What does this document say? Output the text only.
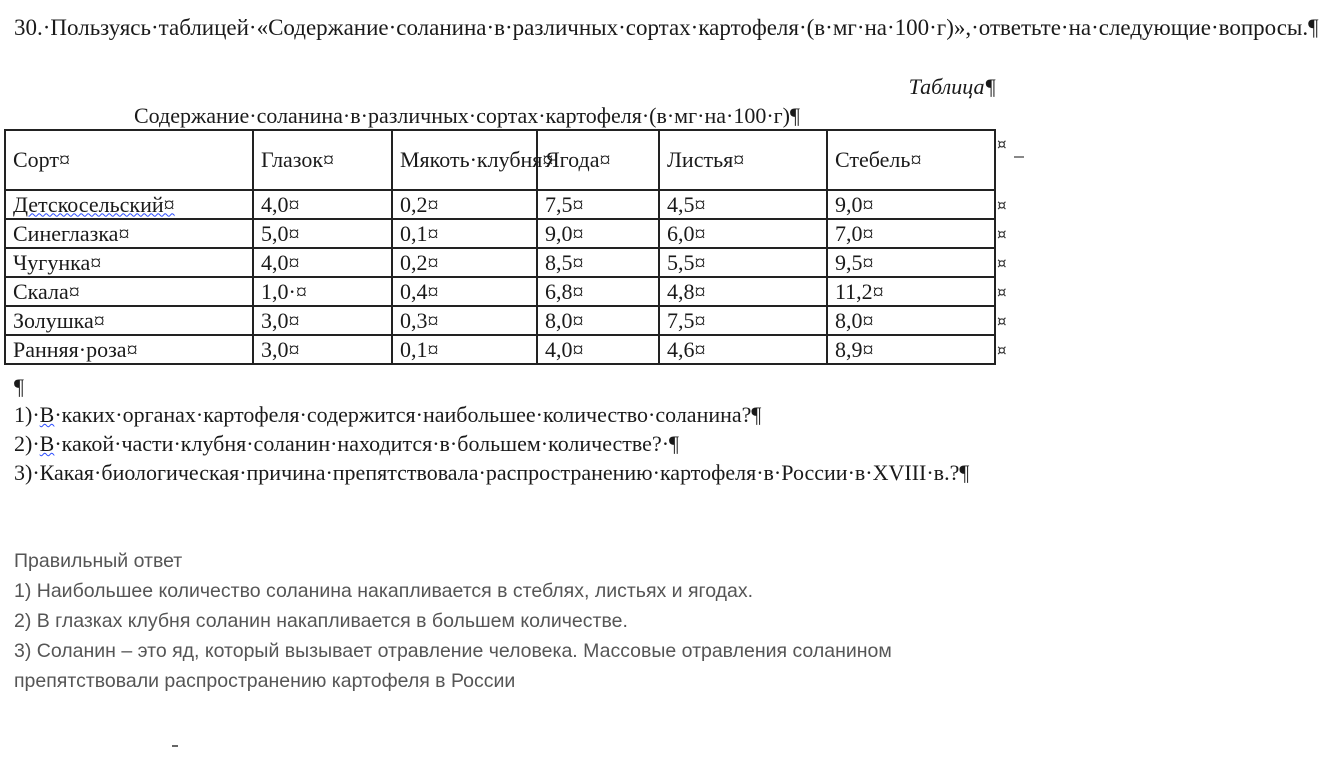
30.·Пользуясь·таблицей·«Содержание·соланина·в·различных·сортах·картофеля·(в·мг·на·100·г)»,·ответьте·на·следующие·вопросы.¶
Таблица¶
Содержание·соланина·в·различных·сортах·картофеля·(в·мг·на·100·г)¶
Сорт¤	Глазок¤	Мякоть·клубня¤	Ягода¤	Листья¤	Стебель¤
Детскосельский¤	4,0¤	0,2¤	7,5¤	4,5¤	9,0¤
Синеглазка¤	5,0¤	0,1¤	9,0¤	6,0¤	7,0¤
Чугунка¤	4,0¤	0,2¤	8,5¤	5,5¤	9,5¤
Скала¤	1,0·¤	0,4¤	6,8¤	4,8¤	11,2¤
Золушка¤	3,0¤	0,3¤	8,0¤	7,5¤	8,0¤
Ранняя·роза¤	3,0¤	0,1¤	4,0¤	4,6¤	8,9¤
¤
¤
¤
¤
¤
¤
¤
¶
1)·В·каких·органах·картофеля·содержится·наибольшее·количество·соланина?¶
2)·В·какой·части·клубня·соланин·находится·в·большем·количестве?·¶
3)·Какая·биологическая·причина·препятствовала·распространению·картофеля·в·России·в·XVIII·в.?¶

Правильный ответ

1) Наибольшее количество соланина накапливается в стеблях, листьях и ягодах.

2) В глазках клубня соланин накапливается в большем количестве.

3) Соланин – это яд, который вызывает отравление человека. Массовые отравления соланином препятствовали распространению картофеля в России
